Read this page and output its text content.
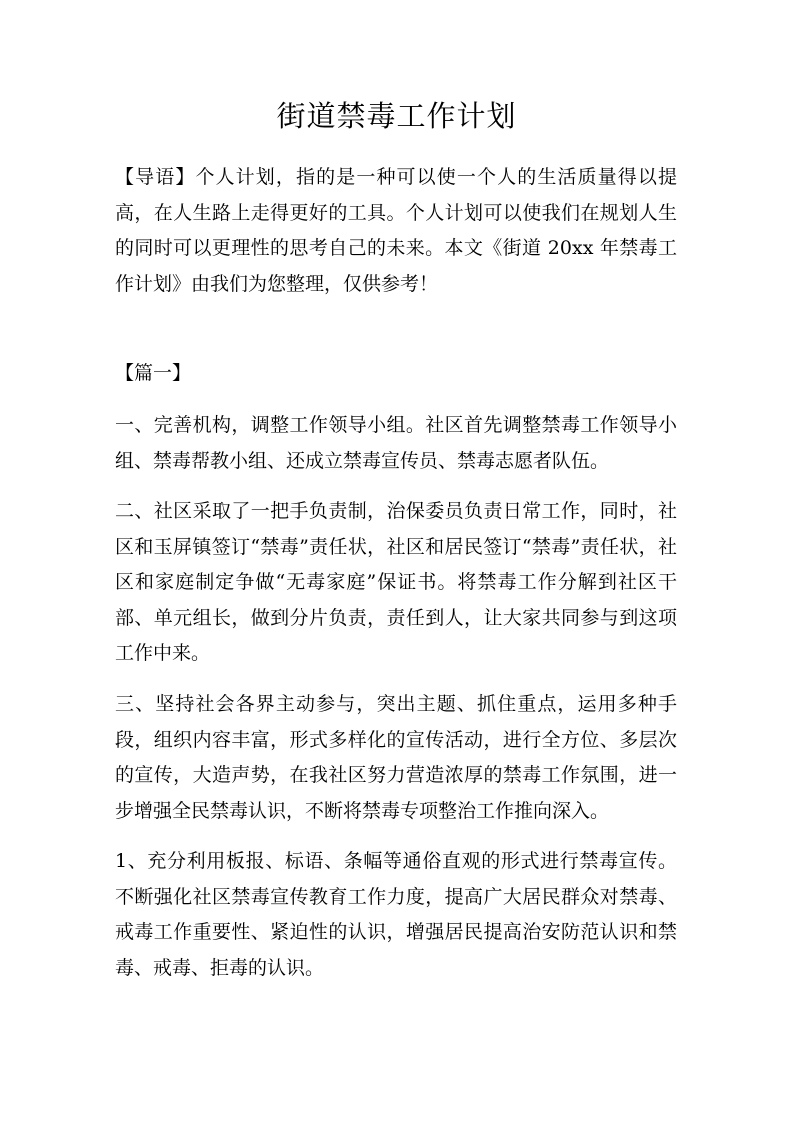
街道禁毒工作计划

【导语】个人计划，指的是一种可以使一个人的生活质量得以提高，在人生路上走得更好的工具。个人计划可以使我们在规划人生的同时可以更理性的思考自己的未来。本文《街道 20xx 年禁毒工作计划》由我们为您整理，仅供参考！

【篇一】

一、完善机构，调整工作领导小组。社区首先调整禁毒工作领导小组、禁毒帮教小组、还成立禁毒宣传员、禁毒志愿者队伍。

二、社区采取了一把手负责制，治保委员负责日常工作，同时，社区和玉屏镇签订“禁毒”责任状，社区和居民签订“禁毒”责任状，社区和家庭制定争做“无毒家庭”保证书。将禁毒工作分解到社区干部、单元组长，做到分片负责，责任到人，让大家共同参与到这项工作中来。

三、坚持社会各界主动参与，突出主题、抓住重点，运用多种手段，组织内容丰富，形式多样化的宣传活动，进行全方位、多层次的宣传，大造声势，在我社区努力营造浓厚的禁毒工作氛围，进一步增强全民禁毒认识，不断将禁毒专项整治工作推向深入。

1、充分利用板报、标语、条幅等通俗直观的形式进行禁毒宣传。不断强化社区禁毒宣传教育工作力度，提高广大居民群众对禁毒、戒毒工作重要性、紧迫性的认识，增强居民提高治安防范认识和禁毒、戒毒、拒毒的认识。
